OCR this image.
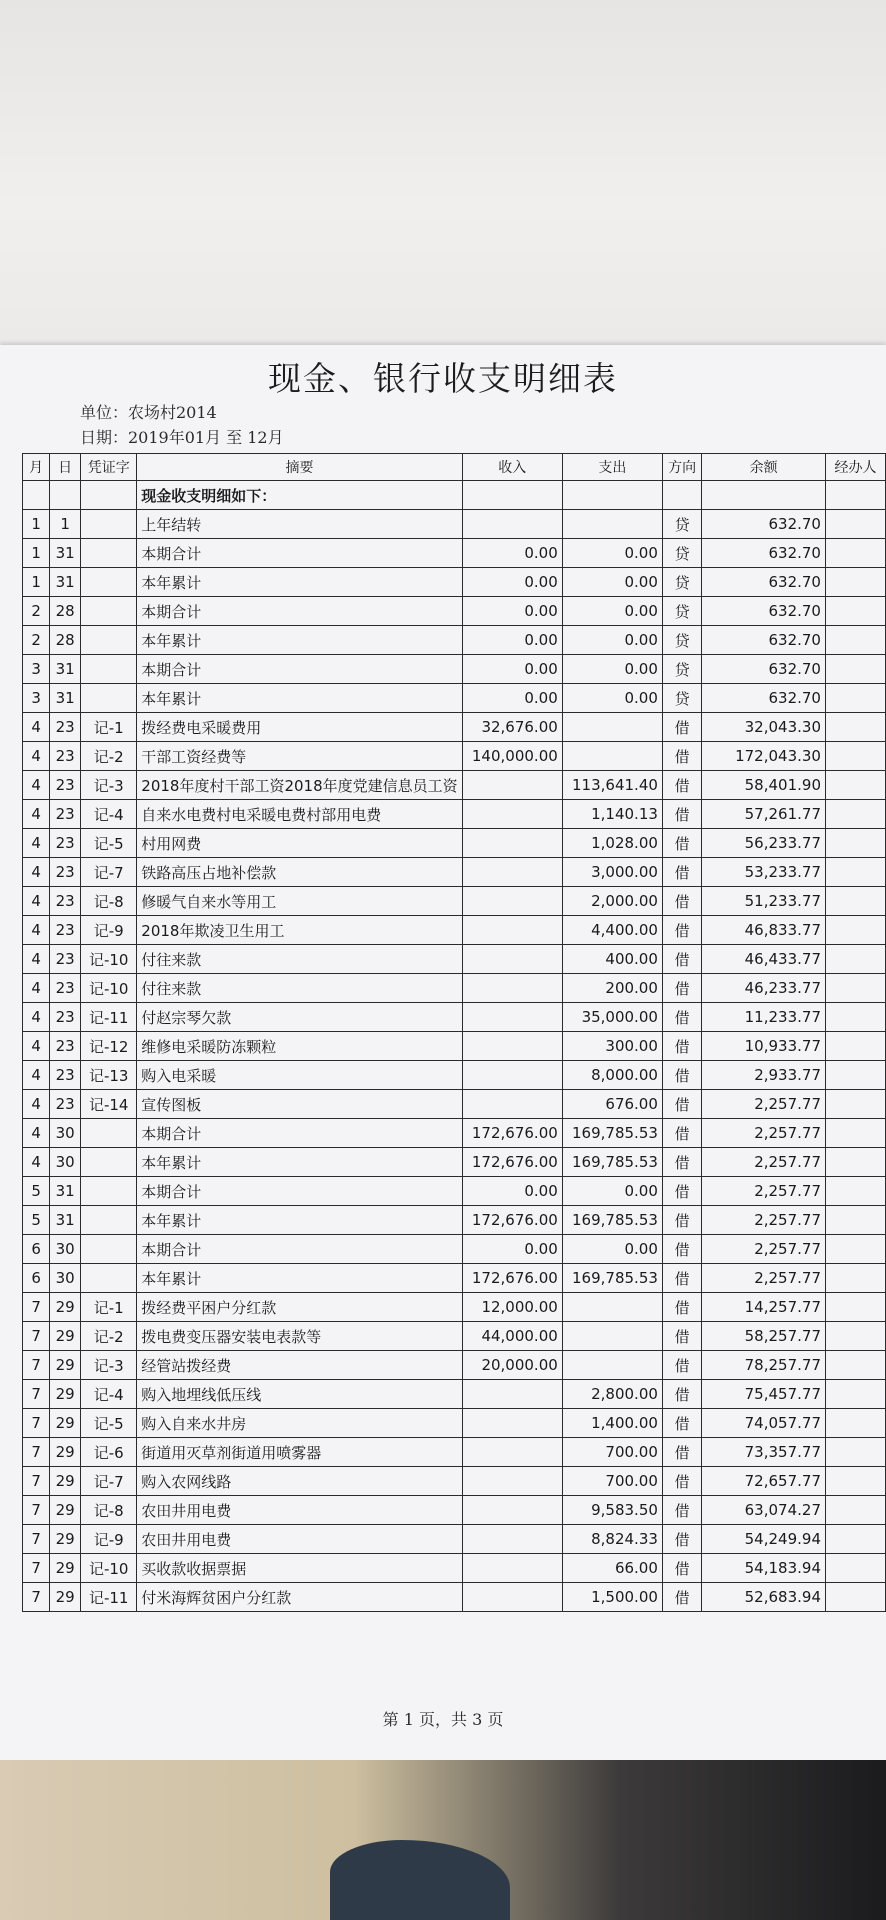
现金、银行收支明细表
单位：农场村2014
日期：2019年01月 至 12月
月	日	凭证字	摘要	收入	支出	方向	余额	经办人
			现金收支明细如下：					
1	1		上年结转			贷	632.70	
1	31		本期合计	0.00	0.00	贷	632.70	
1	31		本年累计	0.00	0.00	贷	632.70	
2	28		本期合计	0.00	0.00	贷	632.70	
2	28		本年累计	0.00	0.00	贷	632.70	
3	31		本期合计	0.00	0.00	贷	632.70	
3	31		本年累计	0.00	0.00	贷	632.70	
4	23	记-1	拨经费电采暖费用	32,676.00		借	32,043.30	
4	23	记-2	干部工资经费等	140,000.00		借	172,043.30	
4	23	记-3	2018年度村干部工资2018年度党建信息员工资		113,641.40	借	58,401.90	
4	23	记-4	自来水电费村电采暖电费村部用电费		1,140.13	借	57,261.77	
4	23	记-5	村用网费		1,028.00	借	56,233.77	
4	23	记-7	铁路高压占地补偿款		3,000.00	借	53,233.77	
4	23	记-8	修暖气自来水等用工		2,000.00	借	51,233.77	
4	23	记-9	2018年欺凌卫生用工		4,400.00	借	46,833.77	
4	23	记-10	付往来款		400.00	借	46,433.77	
4	23	记-10	付往来款		200.00	借	46,233.77	
4	23	记-11	付赵宗琴欠款		35,000.00	借	11,233.77	
4	23	记-12	维修电采暖防冻颗粒		300.00	借	10,933.77	
4	23	记-13	购入电采暖		8,000.00	借	2,933.77	
4	23	记-14	宣传图板		676.00	借	2,257.77	
4	30		本期合计	172,676.00	169,785.53	借	2,257.77	
4	30		本年累计	172,676.00	169,785.53	借	2,257.77	
5	31		本期合计	0.00	0.00	借	2,257.77	
5	31		本年累计	172,676.00	169,785.53	借	2,257.77	
6	30		本期合计	0.00	0.00	借	2,257.77	
6	30		本年累计	172,676.00	169,785.53	借	2,257.77	
7	29	记-1	拨经费平困户分红款	12,000.00		借	14,257.77	
7	29	记-2	拨电费变压器安装电表款等	44,000.00		借	58,257.77	
7	29	记-3	经管站拨经费	20,000.00		借	78,257.77	
7	29	记-4	购入地埋线低压线		2,800.00	借	75,457.77	
7	29	记-5	购入自来水井房		1,400.00	借	74,057.77	
7	29	记-6	街道用灭草剂街道用喷雾器		700.00	借	73,357.77	
7	29	记-7	购入农网线路		700.00	借	72,657.77	
7	29	记-8	农田井用电费		9,583.50	借	63,074.27	
7	29	记-9	农田井用电费		8,824.33	借	54,249.94	
7	29	记-10	买收款收据票据		66.00	借	54,183.94	
7	29	记-11	付米海辉贫困户分红款		1,500.00	借	52,683.94	
第 1 页，共 3 页
